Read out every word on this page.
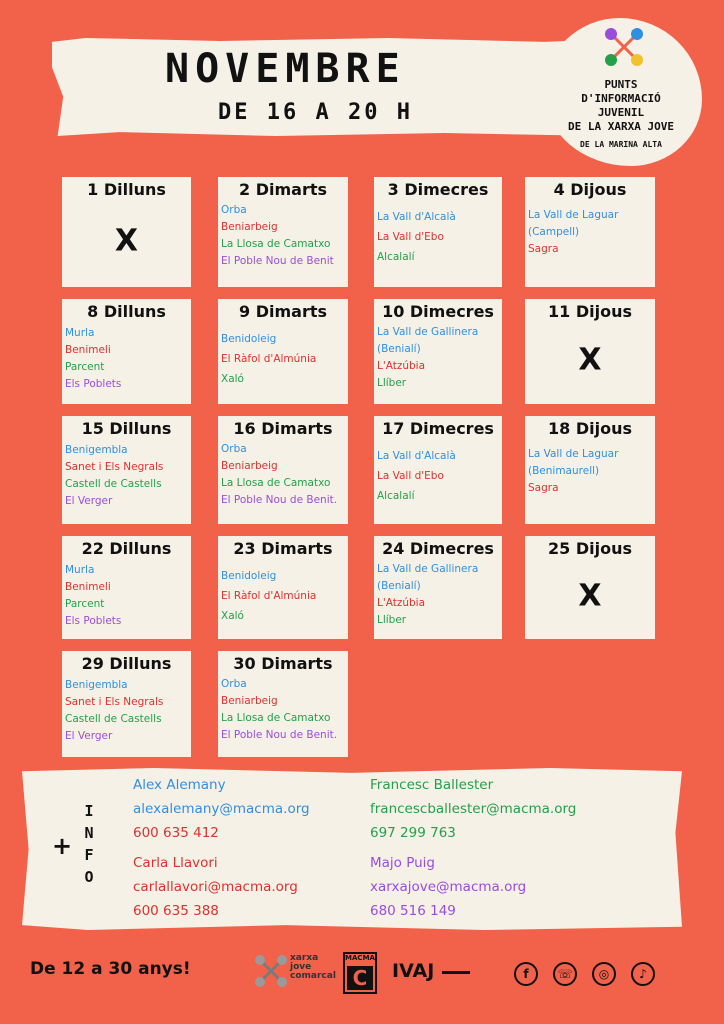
NOVEMBRE
DE 16 A 20 H
PUNTS
D'INFORMACIÓ
JUVENIL
DE LA XARXA JOVE
DE LA MARINA ALTA
1 Dilluns
X
2 Dimarts
Orba
Beniarbeig
La Llosa de Camatxo
El Poble Nou de Benit
3 Dimecres
La Vall d'Alcalà
La Vall d'Ebo
Alcalalí
4 Dijous
La Vall de Laguar
(Campell)
Sagra
8 Dilluns
Murla
Benimeli
Parcent
Els Poblets
9 Dimarts
Benidoleig
El Ràfol d'Almúnia
Xaló
10 Dimecres
La Vall de Gallinera
(Benialí)
L'Atzúbia
Llíber
11 Dijous
X
15 Dilluns
Benigembla
Sanet i Els Negrals
Castell de Castells
El Verger
16 Dimarts
Orba
Beniarbeig
La Llosa de Camatxo
El Poble Nou de Benit.
17 Dimecres
La Vall d'Alcalà
La Vall d'Ebo
Alcalalí
18 Dijous
La Vall de Laguar
(Benimaurell)
Sagra
22 Dilluns
Murla
Benimeli
Parcent
Els Poblets
23 Dimarts
Benidoleig
El Ràfol d'Almúnia
Xaló
24 Dimecres
La Vall de Gallinera
(Benialí)
L'Atzúbia
Llíber
25 Dijous
X
29 Dilluns
Benigembla
Sanet i Els Negrals
Castell de Castells
El Verger
30 Dimarts
Orba
Beniarbeig
La Llosa de Camatxo
El Poble Nou de Benit.
+
I
N
F
O
Alex Alemany
alexalemany@macma.org
600 635 412
Francesc Ballester
francescballester@macma.org
697 299 763
Carla Llavori
carlallavori@macma.org
600 635 388
Majo Puig
xarxajove@macma.org
680 516 149
De 12 a 30 anys!
xarxa
jove
comarcal
MACMA
C IVAJ	f	☏	◎	♪
